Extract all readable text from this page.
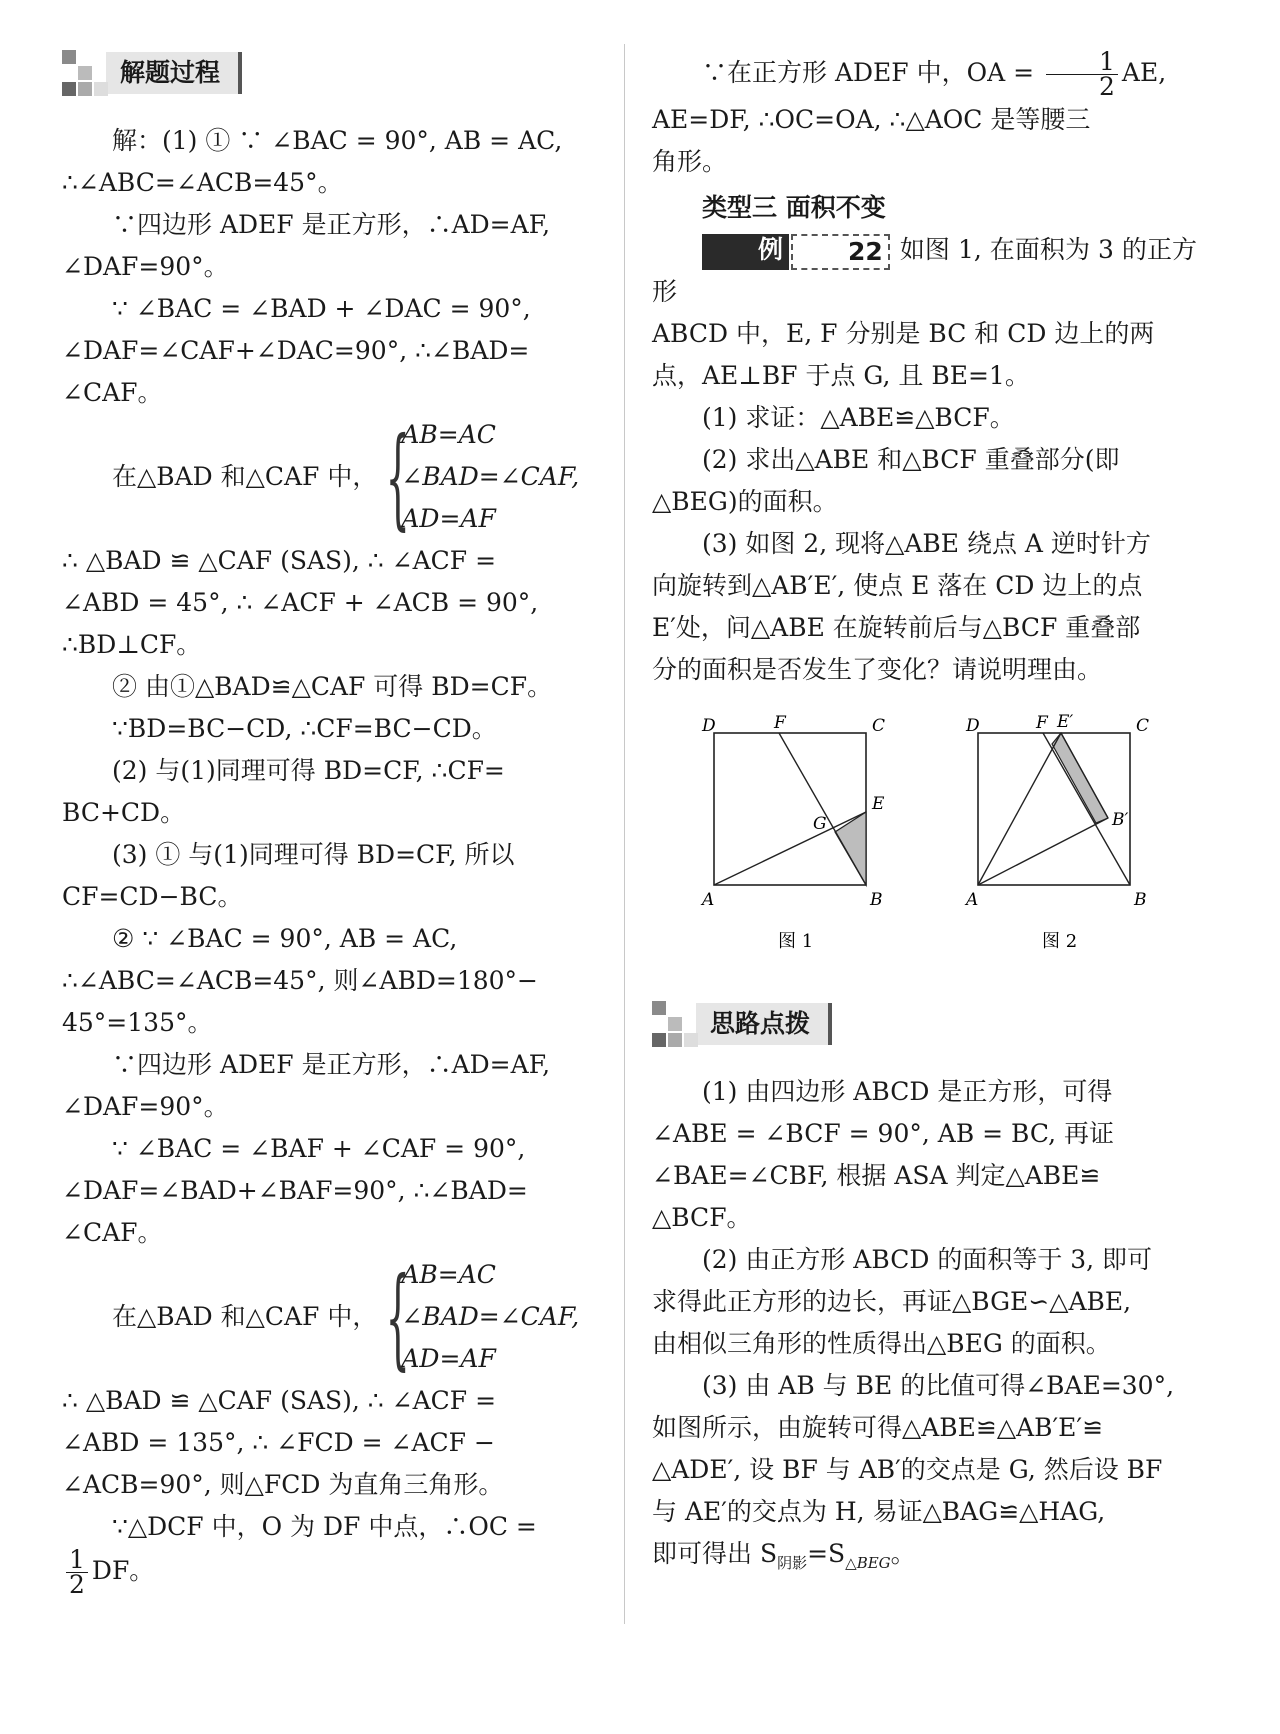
解题过程

解：(1) ① ∵ ∠BAC = 90°, AB = AC,

∴∠ABC=∠ACB=45°。

∵四边形 ADEF 是正方形，∴AD=AF,

∠DAF=90°。

∵ ∠BAC = ∠BAD + ∠DAC = 90°,

∠DAF=∠CAF+∠DAC=90°, ∴∠BAD=

∠CAF。

在△BAD 和△CAF 中， {
AB=AC
∠BAD=∠CAF,
AD=AF

∴ △BAD ≌ △CAF (SAS), ∴ ∠ACF =

∠ABD = 45°, ∴ ∠ACF + ∠ACB = 90°,

∴BD⊥CF。

② 由①△BAD≌△CAF 可得 BD=CF。

∵BD=BC−CD, ∴CF=BC−CD。

(2) 与(1)同理可得 BD=CF, ∴CF=

BC+CD。

(3) ① 与(1)同理可得 BD=CF, 所以

CF=CD−BC。

② ∵ ∠BAC = 90°, AB = AC,

∴∠ABC=∠ACB=45°, 则∠ABD=180°−

45°=135°。

∵四边形 ADEF 是正方形，∴AD=AF,

∠DAF=90°。

∵ ∠BAC = ∠BAF + ∠CAF = 90°,

∠DAF=∠BAD+∠BAF=90°, ∴∠BAD=

∠CAF。

在△BAD 和△CAF 中， {
AB=AC
∠BAD=∠CAF,
AD=AF

∴ △BAD ≌ △CAF (SAS), ∴ ∠ACF =

∠ABD = 135°, ∴ ∠FCD = ∠ACF −

∠ACB=90°, 则△FCD 为直角三角形。

∵△DCF 中，O 为 DF 中点，∴OC =

$\frac{1}{2}$ DF。

∵在正方形 ADEF 中，OA = $\frac{1}{2}$ AE,

AE=DF, ∴OC=OA, ∴△AOC 是等腰三

角形。

类型三 面积不变

例	22 如图 1, 在面积为 3 的正方形

ABCD 中，E, F 分别是 BC 和 CD 边上的两

点，AE⊥BF 于点 G, 且 BE=1。

(1) 求证：△ABE≌△BCF。

(2) 求出△ABE 和△BCF 重叠部分(即

△BEG)的面积。

(3) 如图 2, 现将△ABE 绕点 A 逆时针方

向旋转到△AB′E′, 使点 E 落在 CD 边上的点

E′处，问△ABE 在旋转前后与△BCF 重叠部

分的面积是否发生了变化？请说明理由。

D	F	C
E
G
A	B
D	F E′	C
B′
A	B
图 1	图 2
思路点拨

(1) 由四边形 ABCD 是正方形，可得

∠ABE = ∠BCF = 90°, AB = BC, 再证

∠BAE=∠CBF, 根据 ASA 判定△ABE≌

△BCF。

(2) 由正方形 ABCD 的面积等于 3, 即可

求得此正方形的边长，再证△BGE∽△ABE,

由相似三角形的性质得出△BEG 的面积。

(3) 由 AB 与 BE 的比值可得∠BAE=30°,

如图所示，由旋转可得△ABE≌△AB′E′≌

△ADE′, 设 BF 与 AB′的交点是 G, 然后设 BF

与 AE′的交点为 H, 易证△BAG≌△HAG,

即可得出 $S_{阴影}=S_{\triangle BEG}$。
